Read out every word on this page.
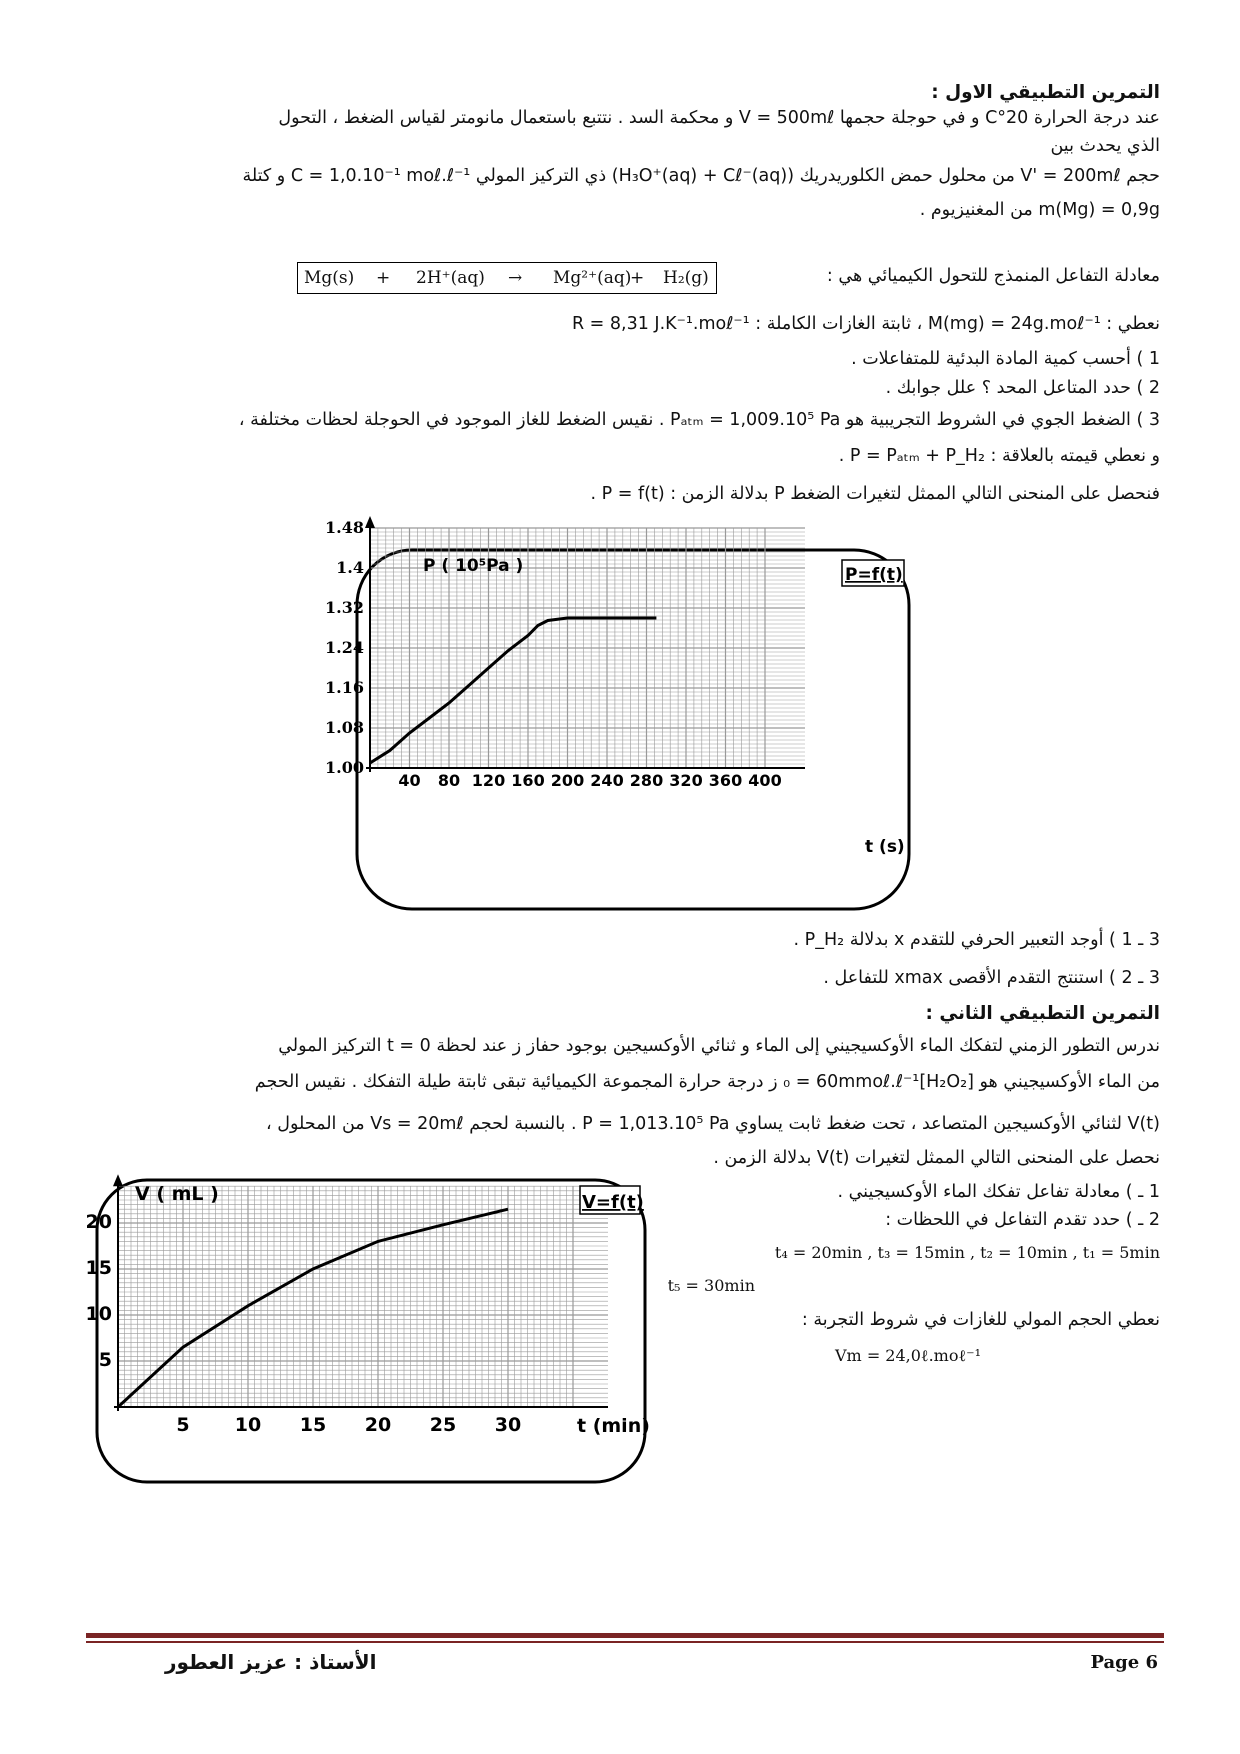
التمرين التطبيقي الاول :
عند درجة الحرارة 20°C و في حوجلة حجمها V = 500mℓ و محكمة السد . نتتبع باستعمال مانومتر لقياس الضغط ، التحول
الذي يحدث بين
حجم V' = 200mℓ من محلول حمض الكلوريدريك (H₃O⁺(aq) + Cℓ⁻(aq)) ذي التركيز المولي C = 1,0.10⁻¹ moℓ.ℓ⁻¹ و كتلة
m(Mg) = 0,9g من المغنيزيوم .
معادلة التفاعل المنمذج للتحول الكيميائي هي :
Mg(s) + 2H⁺(aq) → Mg²⁺(aq)
+ H₂(g)
نعطي : M(mg) = 24g.moℓ⁻¹ ، ثابتة الغازات الكاملة : R = 8,31 J.K⁻¹.moℓ⁻¹
1 ) أحسب كمية المادة البدئية للمتفاعلات .
2 ) حدد المتاعل المحد ؟ علل جوابك .
3 ) الضغط الجوي في الشروط التجريبية هو Pₐₜₘ = 1,009.10⁵ Pa . نقيس الضغط للغاز الموجود في الحوجلة لحظات مختلفة ،
و نعطي قيمته بالعلاقة : P = Pₐₜₘ + P_H₂ .
فنحصل على المنحنى التالي الممثل لتغيرات الضغط P بدلالة الزمن : P = f(t) .
40 80 120 160 200 240 280 320 360 400
1.00
1.08
1.16
1.24
1.32
1.4
1.48
P ( 10⁵Pa )	P=f(t)
t (s)
3 ـ 1 ) أوجد التعبير الحرفي للتقدم x بدلالة P_H₂ .
3 ـ 2 ) استنتج التقدم الأقصى xmax للتفاعل .
التمرين التطبيقي الثاني :
ندرس التطور الزمني لتفكك الماء الأوكسيجيني إلى الماء و ثنائي الأوكسيجين بوجود حفاز ز عند لحظة t = 0 التركيز المولي
من الماء الأوكسيجيني هو [H₂O₂]₀ = 60mmoℓ.ℓ⁻¹ ز درجة حرارة المجموعة الكيميائية تبقى ثابتة طيلة التفكك . نقيس الحجم
V(t) لثنائي الأوكسيجين المتصاعد ، تحت ضغط ثابت يساوي P = 1,013.10⁵ Pa . بالنسبة لحجم Vs = 20mℓ من المحلول ،
نحصل على المنحنى التالي الممثل لتغيرات V(t) بدلالة الزمن .
1 ـ ) معادلة تفاعل تفكك الماء الأوكسيجيني .
2 ـ ) حدد تقدم التفاعل في اللحظات :
t₄ = 20min , t₃ = 15min , t₂ = 10min , t₁ = 5min
t₅ = 30min
نعطي الحجم المولي للغازات في شروط التجربة :
Vm = 24,0ℓ.moℓ⁻¹
5 10 15 20 25 30
5
10
15
20
V ( mL )	V=f(t)
t (min)
الأستاذ : عزيز العطور	Page 6
